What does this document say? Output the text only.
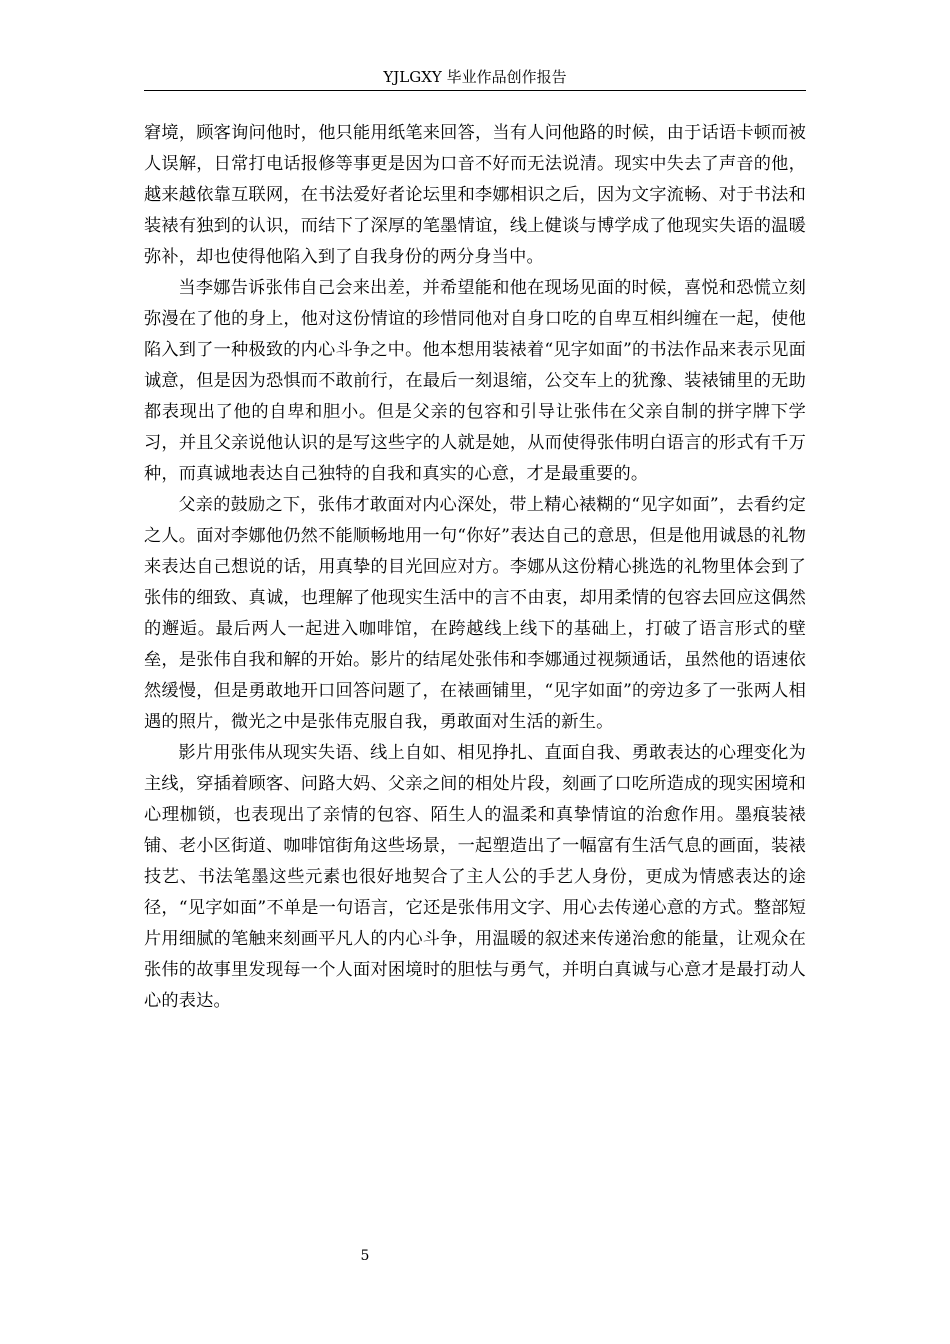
YJLGXY 毕业作品创作报告

窘境，顾客询问他时，他只能用纸笔来回答，当有人问他路的时候，由于话语卡顿而被人误解，日常打电话报修等事更是因为口音不好而无法说清。现实中失去了声音的他，越来越依靠互联网，在书法爱好者论坛里和李娜相识之后，因为文字流畅、对于书法和装裱有独到的认识，而结下了深厚的笔墨情谊，线上健谈与博学成了他现实失语的温暖弥补，却也使得他陷入到了自我身份的两分身当中。

当李娜告诉张伟自己会来出差，并希望能和他在现场见面的时候，喜悦和恐慌立刻弥漫在了他的身上，他对这份情谊的珍惜同他对自身口吃的自卑互相纠缠在一起，使他陷入到了一种极致的内心斗争之中。他本想用装裱着“见字如面”的书法作品来表示见面诚意，但是因为恐惧而不敢前行，在最后一刻退缩，公交车上的犹豫、装裱铺里的无助都表现出了他的自卑和胆小。但是父亲的包容和引导让张伟在父亲自制的拼字牌下学习，并且父亲说他认识的是写这些字的人就是她，从而使得张伟明白语言的形式有千万种，而真诚地表达自己独特的自我和真实的心意，才是最重要的。

父亲的鼓励之下，张伟才敢面对内心深处，带上精心裱糊的“见字如面”，去看约定之人。面对李娜他仍然不能顺畅地用一句“你好”表达自己的意思，但是他用诚恳的礼物来表达自己想说的话，用真挚的目光回应对方。李娜从这份精心挑选的礼物里体会到了张伟的细致、真诚，也理解了他现实生活中的言不由衷，却用柔情的包容去回应这偶然的邂逅。最后两人一起进入咖啡馆，在跨越线上线下的基础上，打破了语言形式的壁垒，是张伟自我和解的开始。影片的结尾处张伟和李娜通过视频通话，虽然他的语速依然缓慢，但是勇敢地开口回答问题了，在裱画铺里，“见字如面”的旁边多了一张两人相遇的照片，微光之中是张伟克服自我，勇敢面对生活的新生。

影片用张伟从现实失语、线上自如、相见挣扎、直面自我、勇敢表达的心理变化为主线，穿插着顾客、问路大妈、父亲之间的相处片段，刻画了口吃所造成的现实困境和心理枷锁，也表现出了亲情的包容、陌生人的温柔和真挚情谊的治愈作用。墨痕装裱铺、老小区街道、咖啡馆街角这些场景，一起塑造出了一幅富有生活气息的画面，装裱技艺、书法笔墨这些元素也很好地契合了主人公的手艺人身份，更成为情感表达的途径，“见字如面”不单是一句语言，它还是张伟用文字、用心去传递心意的方式。整部短片用细腻的笔触来刻画平凡人的内心斗争，用温暖的叙述来传递治愈的能量，让观众在张伟的故事里发现每一个人面对困境时的胆怯与勇气，并明白真诚与心意才是最打动人心的表达。

5
